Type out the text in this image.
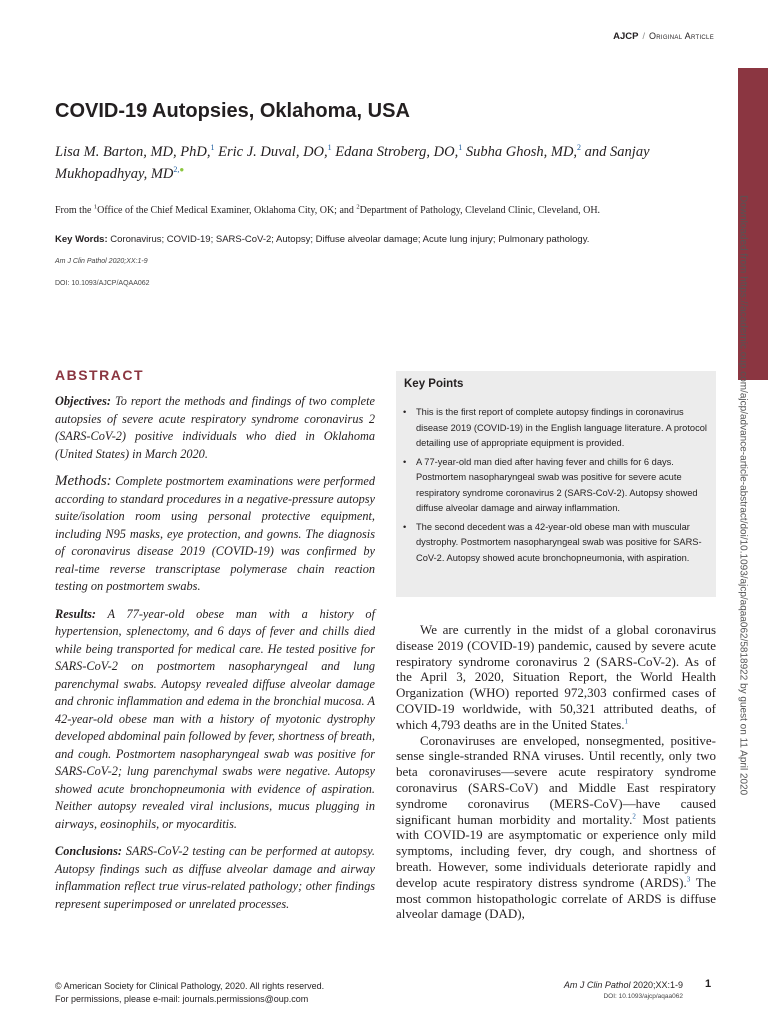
AJCP / Original Article
Downloaded from https://academic.oup.com/ajcp/advance-article-abstract/doi/10.1093/ajcp/aqaa062/5818922 by guest on 11 April 2020
COVID-19 Autopsies, Oklahoma, USA
Lisa M. Barton, MD, PhD,$^1$ Eric J. Duval, DO,$^1$ Edana Stroberg, DO,$^1$ Subha Ghosh, MD,$^2$ and Sanjay Mukhopadhyay, $MD^{2,●}$
From the $^1$Office of the Chief Medical Examiner, Oklahoma City, OK; and $^2$Department of Pathology, Cleveland Clinic, Cleveland, OH.
Key Words: Coronavirus; COVID-19; SARS-CoV-2; Autopsy; Diffuse alveolar damage; Acute lung injury; Pulmonary pathology.
Am J Clin Pathol 2020;XX:1-9
DOI: 10.1093/AJCP/AQAA062
ABSTRACT

Objectives: To report the methods and findings of two complete autopsies of severe acute respiratory syndrome coronavirus 2 (SARS-CoV-2) positive individuals who died in Oklahoma (United States) in March 2020.

Methods: Complete postmortem examinations were performed according to standard procedures in a negative-pressure autopsy suite/isolation room using personal protective equipment, including N95 masks, eye protection, and gowns. The diagnosis of coronavirus disease 2019 (COVID-19) was confirmed by real-time reverse transcriptase polymerase chain reaction testing on postmortem swabs.

Results: A 77-year-old obese man with a history of hypertension, splenectomy, and 6 days of fever and chills died while being transported for medical care. He tested positive for SARS-CoV-2 on postmortem nasopharyngeal and lung parenchymal swabs. Autopsy revealed diffuse alveolar damage and chronic inflammation and edema in the bronchial mucosa. A 42-year-old obese man with a history of myotonic dystrophy developed abdominal pain followed by fever, shortness of breath, and cough. Postmortem nasopharyngeal swab was positive for SARS-CoV-2; lung parenchymal swabs were negative. Autopsy showed acute bronchopneumonia with evidence of aspiration. Neither autopsy revealed viral inclusions, mucus plugging in airways, eosinophils, or myocarditis.

Conclusions: SARS-CoV-2 testing can be performed at autopsy. Autopsy findings such as diffuse alveolar damage and airway inflammation reflect true virus-related pathology; other findings represent superimposed or unrelated processes.

Key Points
• This is the first report of complete autopsy findings in coronavirus disease 2019 (COVID-19) in the English language literature. A protocol detailing use of appropriate equipment is provided.
• A 77-year-old man died after having fever and chills for 6 days. Postmortem nasopharyngeal swab was positive for severe acute respiratory syndrome coronavirus 2 (SARS-CoV-2). Autopsy showed diffuse alveolar damage and airway inflammation.
• The second decedent was a 42-year-old obese man with muscular dystrophy. Postmortem nasopharyngeal swab was positive for SARS-CoV-2. Autopsy showed acute bronchopneumonia, with aspiration.

We are currently in the midst of a global coronavirus disease 2019 (COVID-19) pandemic, caused by severe acute respiratory syndrome coronavirus 2 (SARS-CoV-2). As of the April 3, 2020, Situation Report, the World Health Organization (WHO) reported 972,303 confirmed cases of COVID-19 worldwide, with 50,321 attributed deaths, of which 4,793 deaths are in the United States.$^1$

Coronaviruses are enveloped, nonsegmented, positive-sense single-stranded RNA viruses. Until recently, only two beta coronaviruses—severe acute respiratory syndrome coronavirus (SARS-CoV) and Middle East respiratory syndrome coronavirus (MERS-CoV)—have caused significant human morbidity and mortality.$^2$ Most patients with COVID-19 are asymptomatic or experience only mild symptoms, including fever, dry cough, and shortness of breath. However, some individuals deteriorate rapidly and develop acute respiratory distress syndrome (ARDS).$^3$ The most common histopathologic correlate of ARDS is diffuse alveolar damage (DAD),

© American Society for Clinical Pathology, 2020. All rights reserved.
For permissions, please e-mail: journals.permissions@oup.com
Am J Clin Pathol 2020;XX:1-9
DOI: 10.1093/ajcp/aqaa062
1
